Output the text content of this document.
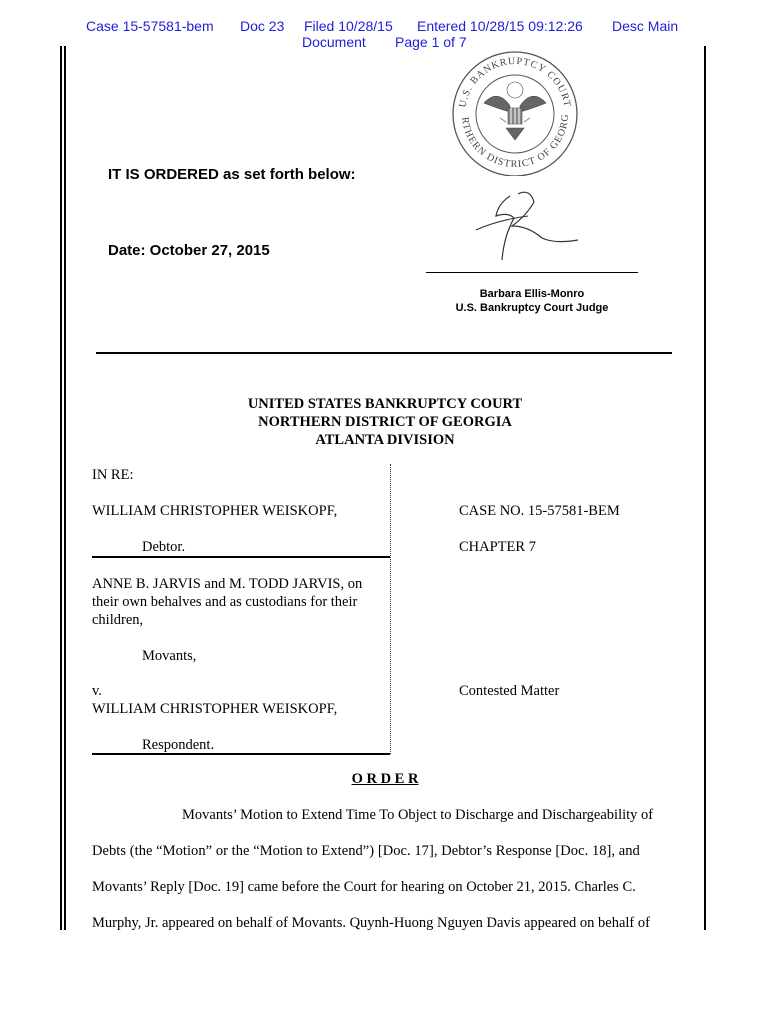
Case 15-57581-bem Doc 23 Filed 10/28/15 Entered 10/28/15 09:12:26 Desc Main
Document Page 1 of 7
U.S. BANKRUPTCY COURT
RTHERN DISTRICT OF GEORG
IT IS ORDERED as set forth below:
Date: October 27, 2015
Barbara Ellis-Monro
U.S. Bankruptcy Court Judge
UNITED STATES BANKRUPTCY COURT
NORTHERN DISTRICT OF GEORGIA
ATLANTA DIVISION
IN RE:
WILLIAM CHRISTOPHER WEISKOPF,
Debtor.
ANNE B. JARVIS and M. TODD JARVIS, on
their own behalves and as custodians for their
children,
Movants,
v.
WILLIAM CHRISTOPHER WEISKOPF,
Respondent.
CASE NO. 15-57581-BEM
CHAPTER 7
Contested Matter
O R D E R
Movants’ Motion to Extend Time To Object to Discharge and Dischargeability of
Debts (the “Motion” or the “Motion to Extend”) [Doc. 17], Debtor’s Response [Doc. 18], and
Movants’ Reply [Doc. 19] came before the Court for hearing on October 21, 2015. Charles C.
Murphy, Jr. appeared on behalf of Movants. Quynh-Huong Nguyen Davis appeared on behalf of
